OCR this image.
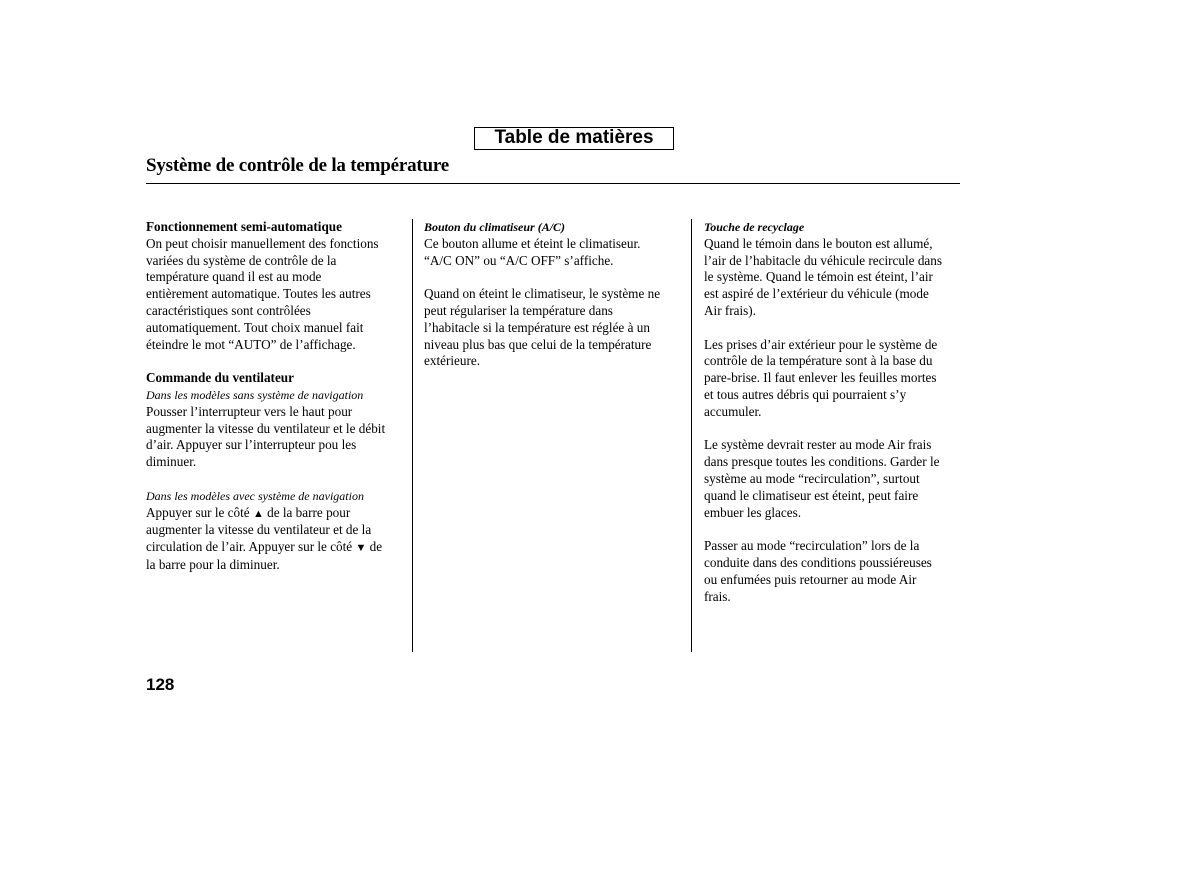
Table de matières
Système de contrôle de la température

Fonctionnement semi-automatique

On peut choisir manuellement des fonctions

variées du système de contrôle de la

température quand il est au mode

entièrement automatique. Toutes les autres

caractéristiques sont contrôlées

automatiquement. Tout choix manuel fait

éteindre le mot “AUTO” de l’affichage.

Commande du ventilateur

Dans les modèles sans système de navigation

Pousser l’interrupteur vers le haut pour

augmenter la vitesse du ventilateur et le débit

d’air. Appuyer sur l’interrupteur pou les

diminuer.

Dans les modèles avec système de navigation

Appuyer sur le côté ▲ de la barre pour

augmenter la vitesse du ventilateur et de la

circulation de l’air. Appuyer sur le côté ▼ de

la barre pour la diminuer.

Bouton du climatiseur (A/C)

Ce bouton allume et éteint le climatiseur.

“A/C ON” ou “A/C OFF” s’affiche.

Quand on éteint le climatiseur, le système ne

peut régulariser la température dans

l’habitacle si la température est réglée à un

niveau plus bas que celui de la température

extérieure.

Touche de recyclage

Quand le témoin dans le bouton est allumé,

l’air de l’habitacle du véhicule recircule dans

le système. Quand le témoin est éteint, l’air

est aspiré de l’extérieur du véhicule (mode

Air frais).

Les prises d’air extérieur pour le système de

contrôle de la température sont à la base du

pare-brise. Il faut enlever les feuilles mortes

et tous autres débris qui pourraient s’y

accumuler.

Le système devrait rester au mode Air frais

dans presque toutes les conditions. Garder le

système au mode “recirculation”, surtout

quand le climatiseur est éteint, peut faire

embuer les glaces.

Passer au mode “recirculation” lors de la

conduite dans des conditions poussiéreuses

ou enfumées puis retourner au mode Air

frais.

128
